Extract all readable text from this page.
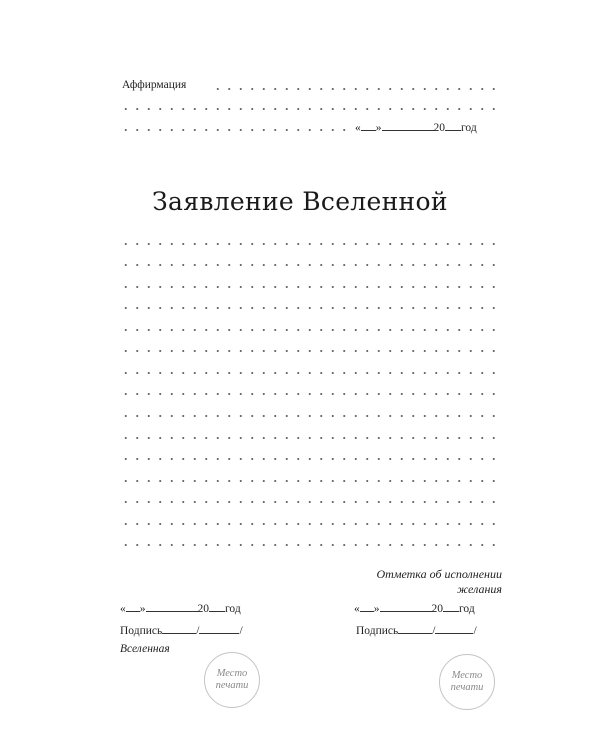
Аффирмация
« »	20 год
Заявление Вселенной
Отметка об исполнении
желания
« »	20 год	« »	20 год
Подпись	/	/	Подпись	/	/
Вселенная
Место
печати
Место
печати
